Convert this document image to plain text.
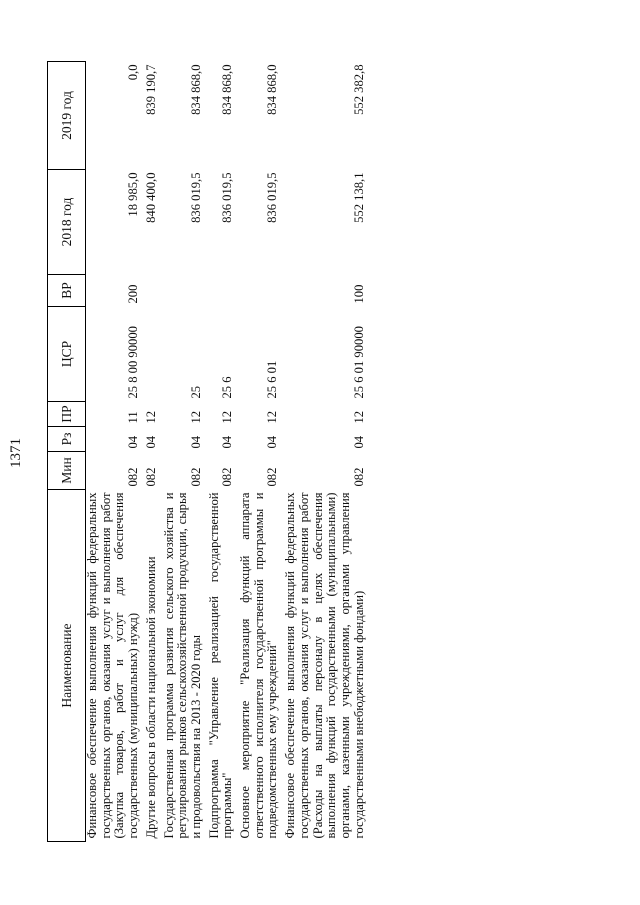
1371
Наименование	Мин	Рз	ПР	ЦСР	ВР	2018 год	2019 год
Финансовое обеспечение выполнения функций федеральных государственных органов, оказания услуг и выполнения работ (Закупка товаров, работ и услуг для обеспечения государственных (муниципальных) нужд)	082	04	11	25 8 00 90000	200	18 985,0	0,0
Другие вопросы в области национальной экономики	082	04	12			840 400,0	839 190,7
Государственная программа развития сельского хозяйства и регулирования рынков сельскохозяйственной продукции, сырья и продовольствия на 2013 - 2020 годы	082	04	12	25		836 019,5	834 868,0
Подпрограмма "Управление реализацией государственной программы"	082	04	12	25 6		836 019,5	834 868,0
Основное мероприятие "Реализация функций аппарата ответственного исполнителя государственной программы и подведомственных ему учреждений"	082	04	12	25 6 01		836 019,5	834 868,0
Финансовое обеспечение выполнения функций федеральных государственных органов, оказания услуг и выполнения работ (Расходы на выплаты персоналу в целях обеспечения выполнения функций государственными (муниципальными) органами, казенными учреждениями, органами управления государственными внебюджетными фондами)	082	04	12	25 6 01 90000	100	552 138,1	552 382,8
